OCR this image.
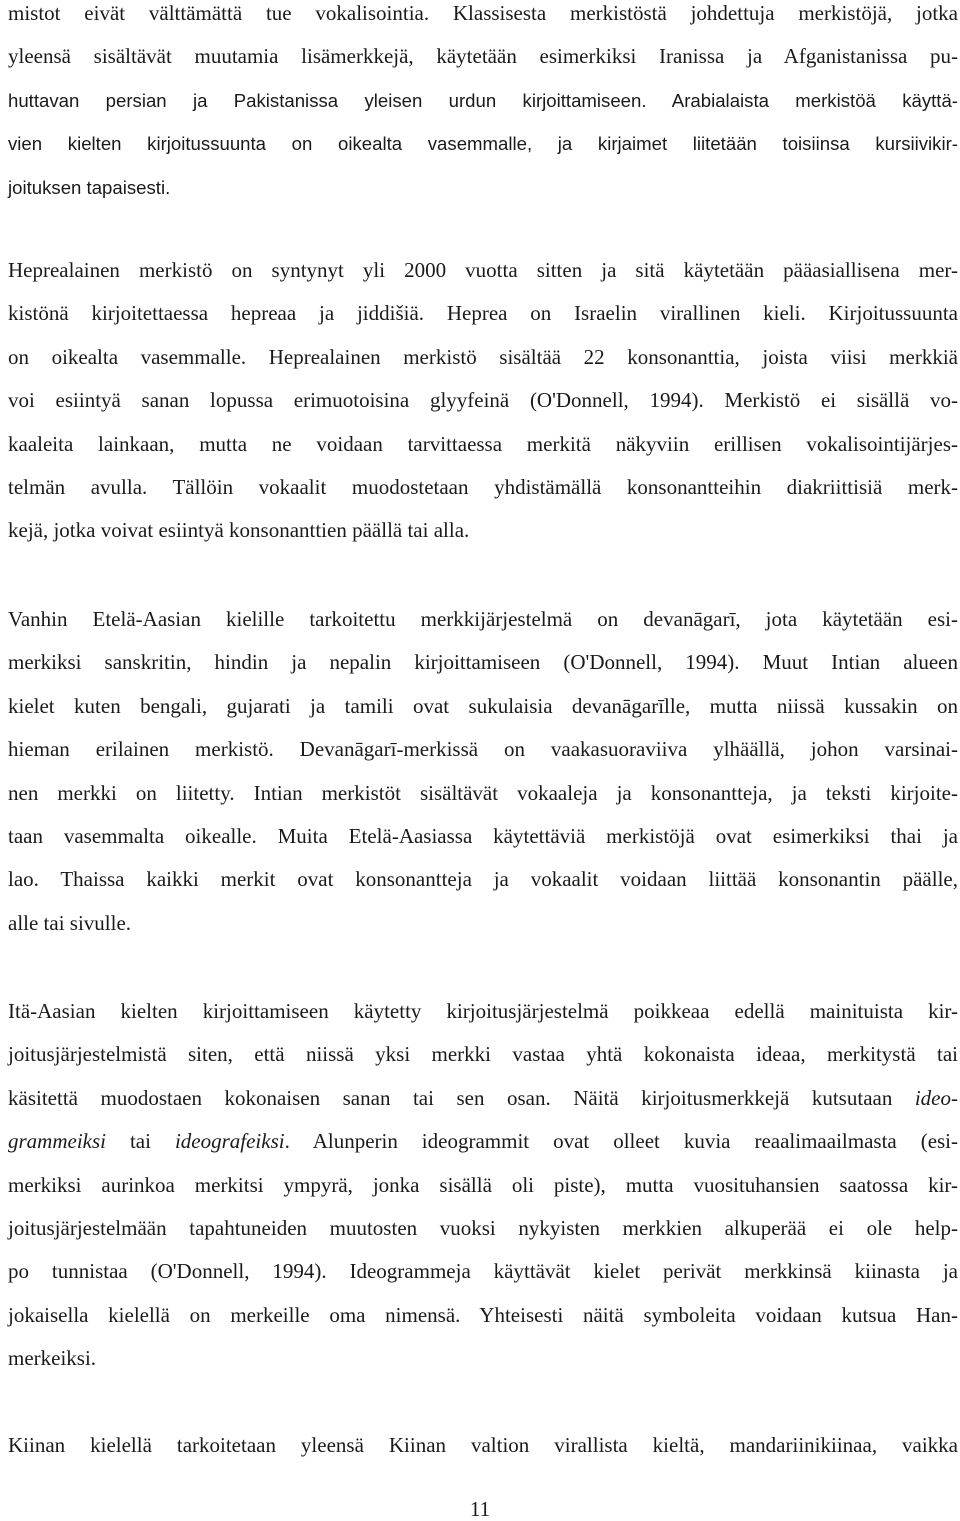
mistot eivät välttämättä tue vokalisointia. Klassisesta merkistöstä johdettuja merkistöjä, jotka
yleensä sisältävät muutamia lisämerkkejä, käytetään esimerkiksi Iranissa ja Afganistanissa pu-
huttavan persian ja Pakistanissa yleisen urdun kirjoittamiseen. Arabialaista merkistöä käyttä-
vien kielten kirjoitussuunta on oikealta vasemmalle, ja kirjaimet liitetään toisiinsa kursiivikir-
joituksen tapaisesti.
Heprealainen merkistö on syntynyt yli 2000 vuotta sitten ja sitä käytetään pääasiallisena mer-
kistönä kirjoitettaessa hepreaa ja jiddišiä. Heprea on Israelin virallinen kieli. Kirjoitussuunta
on oikealta vasemmalle. Heprealainen merkistö sisältää 22 konsonanttia, joista viisi merkkiä
voi esiintyä sanan lopussa erimuotoisina glyyfeinä (O'Donnell, 1994). Merkistö ei sisällä vo-
kaaleita lainkaan, mutta ne voidaan tarvittaessa merkitä näkyviin erillisen vokalisointijärjes-
telmän avulla. Tällöin vokaalit muodostetaan yhdistämällä konsonantteihin diakriittisiä merk-
kejä, jotka voivat esiintyä konsonanttien päällä tai alla.
Vanhin Etelä-Aasian kielille tarkoitettu merkkijärjestelmä on devanāgarī, jota käytetään esi-
merkiksi sanskritin, hindin ja nepalin kirjoittamiseen (O'Donnell, 1994). Muut Intian alueen
kielet kuten bengali, gujarati ja tamili ovat sukulaisia devanāgarīlle, mutta niissä kussakin on
hieman erilainen merkistö. Devanāgarī-merkissä on vaakasuoraviiva ylhäällä, johon varsinai-
nen merkki on liitetty. Intian merkistöt sisältävät vokaaleja ja konsonantteja, ja teksti kirjoite-
taan vasemmalta oikealle. Muita Etelä-Aasiassa käytettäviä merkistöjä ovat esimerkiksi thai ja
lao. Thaissa kaikki merkit ovat konsonantteja ja vokaalit voidaan liittää konsonantin päälle,
alle tai sivulle.
Itä-Aasian kielten kirjoittamiseen käytetty kirjoitusjärjestelmä poikkeaa edellä mainituista kir-
joitusjärjestelmistä siten, että niissä yksi merkki vastaa yhtä kokonaista ideaa, merkitystä tai
käsitettä muodostaen kokonaisen sanan tai sen osan. Näitä kirjoitusmerkkejä kutsutaan ideo-
grammeiksi tai ideografeiksi. Alunperin ideogrammit ovat olleet kuvia reaalimaailmasta (esi-
merkiksi aurinkoa merkitsi ympyrä, jonka sisällä oli piste), mutta vuosituhansien saatossa kir-
joitusjärjestelmään tapahtuneiden muutosten vuoksi nykyisten merkkien alkuperää ei ole help-
po tunnistaa (O'Donnell, 1994). Ideogrammeja käyttävät kielet perivät merkkinsä kiinasta ja
jokaisella kielellä on merkeille oma nimensä. Yhteisesti näitä symboleita voidaan kutsua Han-
merkeiksi.
Kiinan kielellä tarkoitetaan yleensä Kiinan valtion virallista kieltä, mandariinikiinaa, vaikka
11
